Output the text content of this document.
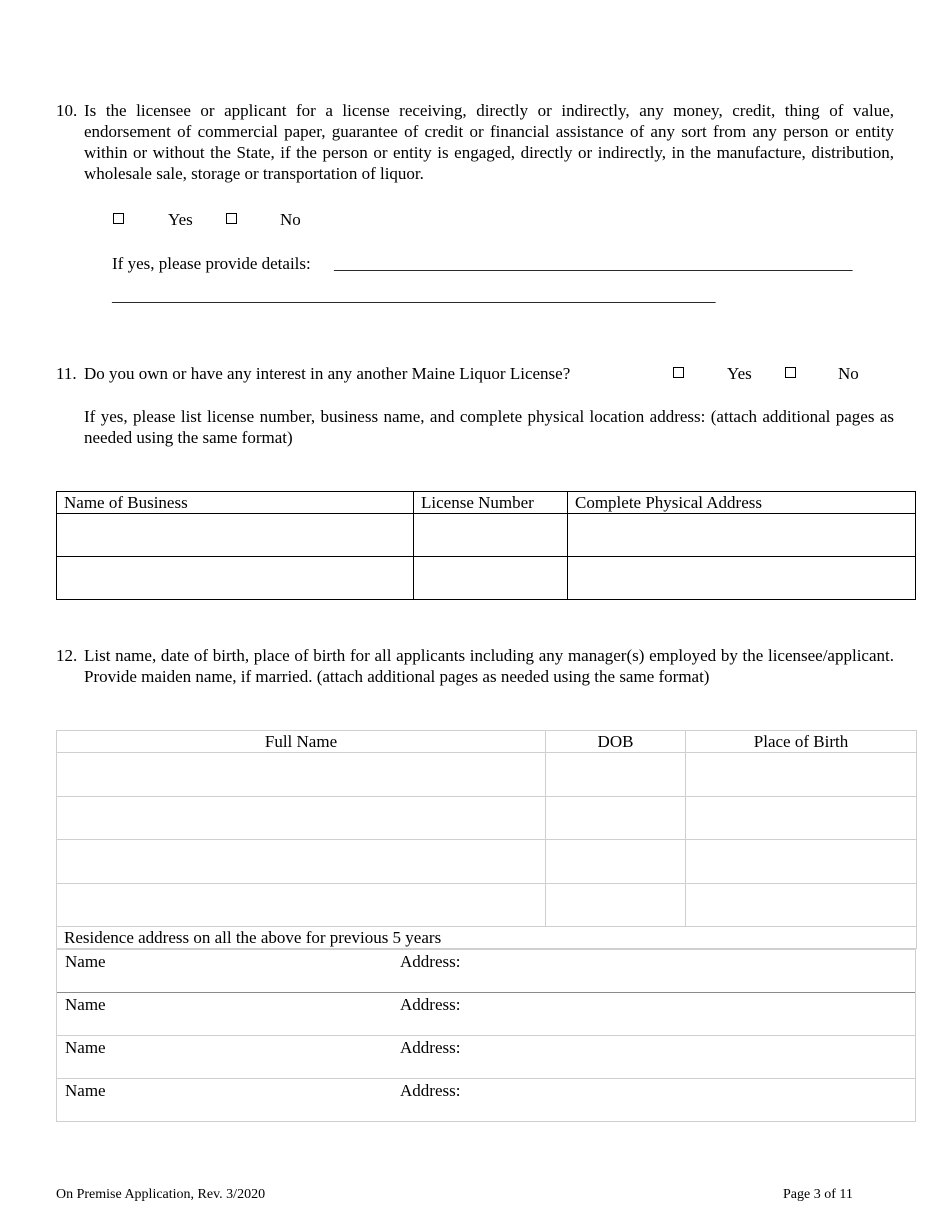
10. Is the licensee or applicant for a license receiving, directly or indirectly, any money, credit, thing of value, endorsement of commercial paper, guarantee of credit or financial assistance of any sort from any person or entity within or without the State, if the person or entity is engaged, directly or indirectly, in the manufacture, distribution, wholesale sale, storage or transportation of liquor.
Yes	No
If yes, please provide details: _____________________________________________________________
_______________________________________________________________________
11. Do you own or have any interest in any another Maine Liquor License?	Yes	No
If yes, please list license number, business name, and complete physical location address: (attach additional pages as needed using the same format)
Name of Business	License Number	Complete Physical Address

12. List name, date of birth, place of birth for all applicants including any manager(s) employed by the licensee/applicant. Provide maiden name, if married. (attach additional pages as needed using the same format)
Full Name	DOB	Place of Birth

Residence address on all the above for previous 5 years		
Name	Address:
Name	Address:
Name	Address:
Name	Address:
On Premise Application, Rev. 3/2020	Page 3 of 11
